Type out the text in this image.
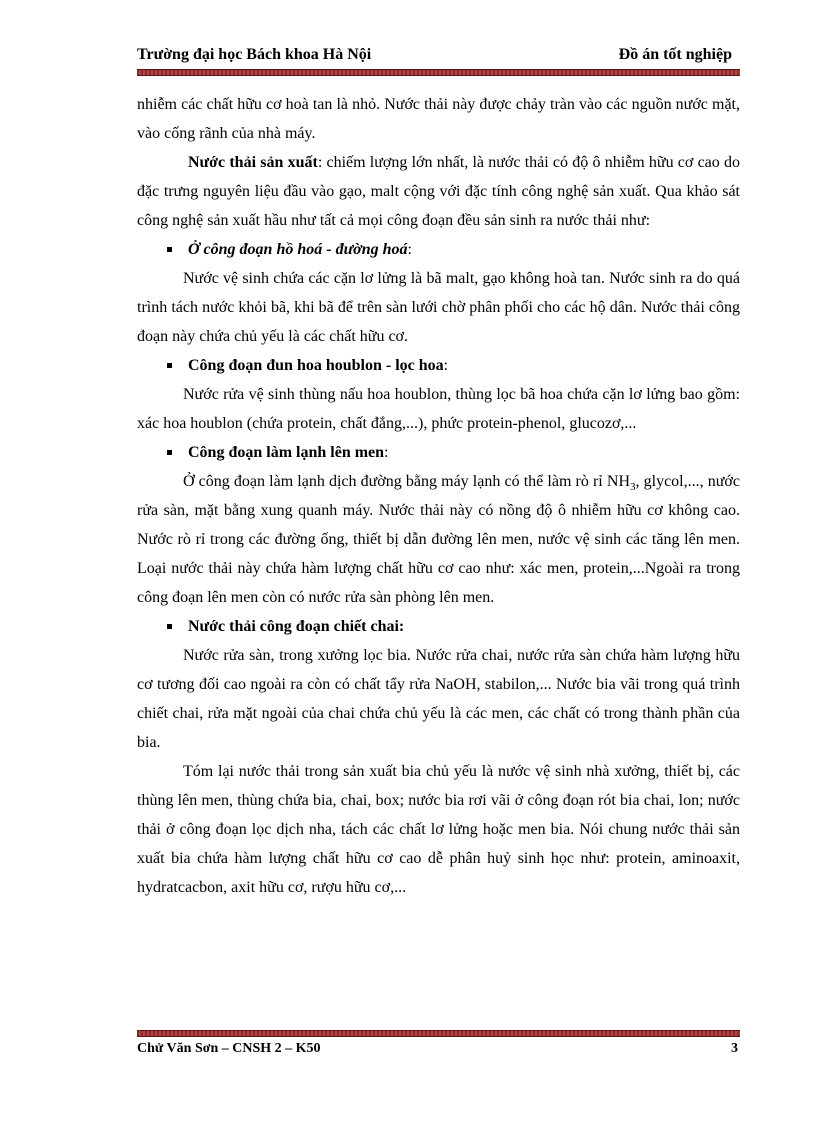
Trường đại học Bách khoa Hà Nội	Đồ án tốt nghiệp

nhiễm các chất hữu cơ hoà tan là nhỏ. Nước thải này được chảy tràn vào các nguồn nước mặt, vào cống rãnh của nhà máy.

Nước thải sản xuất: chiếm lượng lớn nhất, là nước thải có độ ô nhiễm hữu cơ cao do đặc trưng nguyên liệu đầu vào gạo, malt cộng với đặc tính công nghệ sản xuất. Qua khảo sát công nghệ sản xuất hầu như tất cả mọi công đoạn đều sản sinh ra nước thải như:

Ở công đoạn hồ hoá - đường hoá:

Nước vệ sinh chứa các cặn lơ lửng là bã malt, gạo không hoà tan. Nước sinh ra do quá trình tách nước khỏi bã, khi bã để trên sàn lưới chờ phân phối cho các hộ dân. Nước thải công đoạn này chứa chủ yếu là các chất hữu cơ.

Công đoạn đun hoa houblon - lọc hoa:

Nước rửa vệ sinh thùng nấu hoa houblon, thùng lọc bã hoa chứa cặn lơ lửng bao gồm: xác hoa houblon (chứa protein, chất đắng,...), phức protein-phenol, glucozơ,...

Công đoạn làm lạnh lên men:

Ở công đoạn làm lạnh dịch đường bằng máy lạnh có thể làm rò rỉ $NH_3$, glycol,..., nước rửa sàn, mặt bằng xung quanh máy. Nước thải này có nồng độ ô nhiễm hữu cơ không cao. Nước rò rỉ trong các đường ống, thiết bị dẫn đường lên men, nước vệ sinh các tăng lên men. Loại nước thải này chứa hàm lượng chất hữu cơ cao như: xác men, protein,...Ngoài ra trong công đoạn lên men còn có nước rửa sàn phòng lên men.

Nước thải công đoạn chiết chai:

Nước rửa sàn, trong xưởng lọc bia. Nước rửa chai, nước rửa sàn chứa hàm lượng hữu cơ tương đối cao ngoài ra còn có chất tẩy rửa NaOH, stabilon,... Nước bia vãi trong quá trình chiết chai, rửa mặt ngoài của chai chứa chủ yếu là các men, các chất có trong thành phần của bia.

Tóm lại nước thải trong sản xuất bia chủ yếu là nước vệ sinh nhà xưởng, thiết bị, các thùng lên men, thùng chứa bia, chai, box; nước bia rơi vãi ở công đoạn rót bia chai, lon; nước thải ở công đoạn lọc dịch nha, tách các chất lơ lửng hoặc men bia. Nói chung nước thải sản xuất bia chứa hàm lượng chất hữu cơ cao dễ phân huỷ sinh học như: protein, aminoaxit, hydratcacbon, axit hữu cơ, rượu hữu cơ,...

Chử Văn Sơn – CNSH 2 – K50	3
